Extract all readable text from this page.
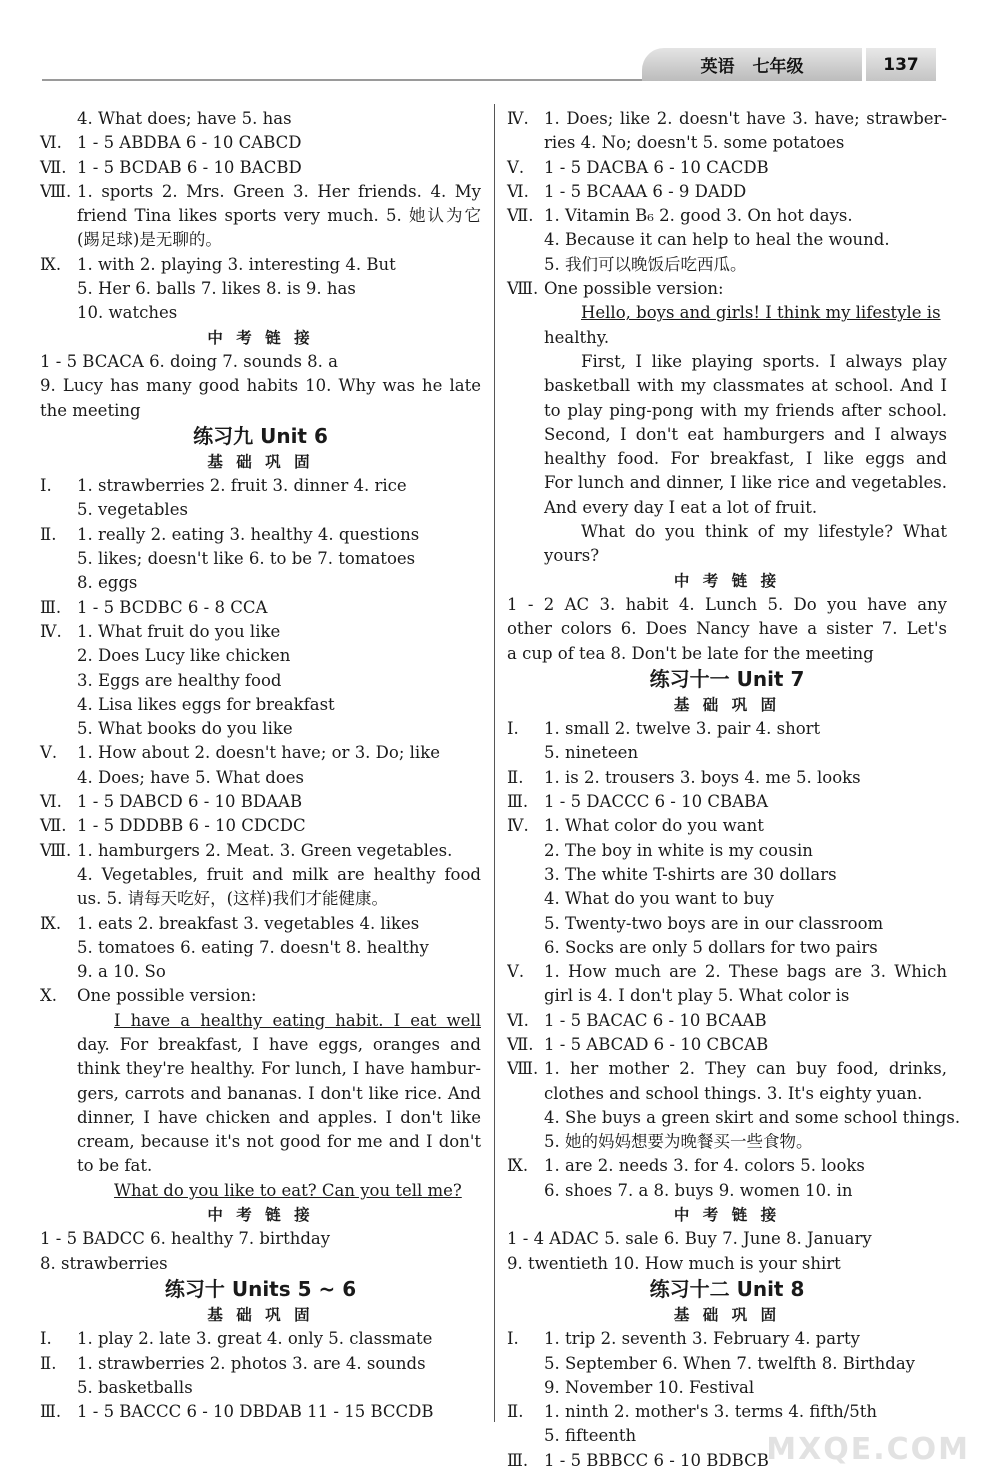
英语 七年级	137
4. What does; have 5. has
Ⅵ. 1 - 5 ABDBA 6 - 10 CABCD
Ⅶ. 1 - 5 BCDAB 6 - 10 BACBD
Ⅷ. 1. sports 2. Mrs. Green 3. Her friends. 4. My
friend Tina likes sports very much. 5. 她认为它
(踢足球)是无聊的。
Ⅸ. 1. with 2. playing 3. interesting 4. But
5. Her 6. balls 7. likes 8. is 9. has
10. watches
中 考 链 接
1 - 5 BCACA 6. doing 7. sounds 8. a
9. Lucy has many good habits 10. Why was he late
the meeting
练习九 Unit 6
基 础 巩 固
Ⅰ. 1. strawberries 2. fruit 3. dinner 4. rice
5. vegetables
Ⅱ. 1. really 2. eating 3. healthy 4. questions
5. likes; doesn't like 6. to be 7. tomatoes
8. eggs
Ⅲ. 1 - 5 BCDBC 6 - 8 CCA
Ⅳ. 1. What fruit do you like
2. Does Lucy like chicken
3. Eggs are healthy food
4. Lisa likes eggs for breakfast
5. What books do you like
Ⅴ. 1. How about 2. doesn't have; or 3. Do; like
4. Does; have 5. What does
Ⅵ. 1 - 5 DABCD 6 - 10 BDAAB
Ⅶ. 1 - 5 DDDBB 6 - 10 CDCDC
Ⅷ. 1. hamburgers 2. Meat. 3. Green vegetables.
4. Vegetables, fruit and milk are healthy food
us. 5. 请每天吃好，(这样)我们才能健康。
Ⅸ. 1. eats 2. breakfast 3. vegetables 4. likes
5. tomatoes 6. eating 7. doesn't 8. healthy
9. a 10. So
Ⅹ. One possible version:
I have a healthy eating habit. I eat well
day. For breakfast, I have eggs, oranges and
think they're healthy. For lunch, I have hambur-
gers, carrots and bananas. I don't like rice. And
dinner, I have chicken and apples. I don't like
cream, because it's not good for me and I don't
to be fat.
What do you like to eat? Can you tell me?
中 考 链 接
1 - 5 BADCC 6. healthy 7. birthday
8. strawberries
练习十 Units 5 ~ 6
基 础 巩 固
Ⅰ. 1. play 2. late 3. great 4. only 5. classmate
Ⅱ. 1. strawberries 2. photos 3. are 4. sounds
5. basketballs
Ⅲ. 1 - 5 BACCC 6 - 10 DBDAB 11 - 15 BCCDB
Ⅳ. 1. Does; like 2. doesn't have 3. have; strawber-
ries 4. No; doesn't 5. some potatoes
Ⅴ. 1 - 5 DACBA 6 - 10 CACDB
Ⅵ. 1 - 5 BCAAA 6 - 9 DADD
Ⅶ. 1. Vitamin B₆ 2. good 3. On hot days.
4. Because it can help to heal the wound.
5. 我们可以晚饭后吃西瓜。
Ⅷ. One possible version:
Hello, boys and girls! I think my lifestyle is
healthy.
First, I like playing sports. I always play
basketball with my classmates at school. And I
to play ping-pong with my friends after school.
Second, I don't eat hamburgers and I always
healthy food. For breakfast, I like eggs and
For lunch and dinner, I like rice and vegetables.
And every day I eat a lot of fruit.
What do you think of my lifestyle? What
yours?
中 考 链 接
1 - 2 AC 3. habit 4. Lunch 5. Do you have any
other colors 6. Does Nancy have a sister 7. Let's
a cup of tea 8. Don't be late for the meeting
练习十一 Unit 7
基 础 巩 固
Ⅰ. 1. small 2. twelve 3. pair 4. short
5. nineteen
Ⅱ. 1. is 2. trousers 3. boys 4. me 5. looks
Ⅲ. 1 - 5 DACCC 6 - 10 CBABA
Ⅳ. 1. What color do you want
2. The boy in white is my cousin
3. The white T-shirts are 30 dollars
4. What do you want to buy
5. Twenty-two boys are in our classroom
6. Socks are only 5 dollars for two pairs
Ⅴ. 1. How much are 2. These bags are 3. Which
girl is 4. I don't play 5. What color is
Ⅵ. 1 - 5 BACAC 6 - 10 BCAAB
Ⅶ. 1 - 5 ABCAD 6 - 10 CBCAB
Ⅷ. 1. her mother 2. They can buy food, drinks,
clothes and school things. 3. It's eighty yuan.
4. She buys a green skirt and some school things.
5. 她的妈妈想要为晚餐买一些食物。
Ⅸ. 1. are 2. needs 3. for 4. colors 5. looks
6. shoes 7. a 8. buys 9. women 10. in
中 考 链 接
1 - 4 ADAC 5. sale 6. Buy 7. June 8. January
9. twentieth 10. How much is your shirt
练习十二 Unit 8
基 础 巩 固
Ⅰ. 1. trip 2. seventh 3. February 4. party
5. September 6. When 7. twelfth 8. Birthday
9. November 10. Festival
Ⅱ. 1. ninth 2. mother's 3. terms 4. fifth/5th
5. fifteenth
Ⅲ. 1 - 5 BBBCC 6 - 10 BDBCB
MXQE.COM
